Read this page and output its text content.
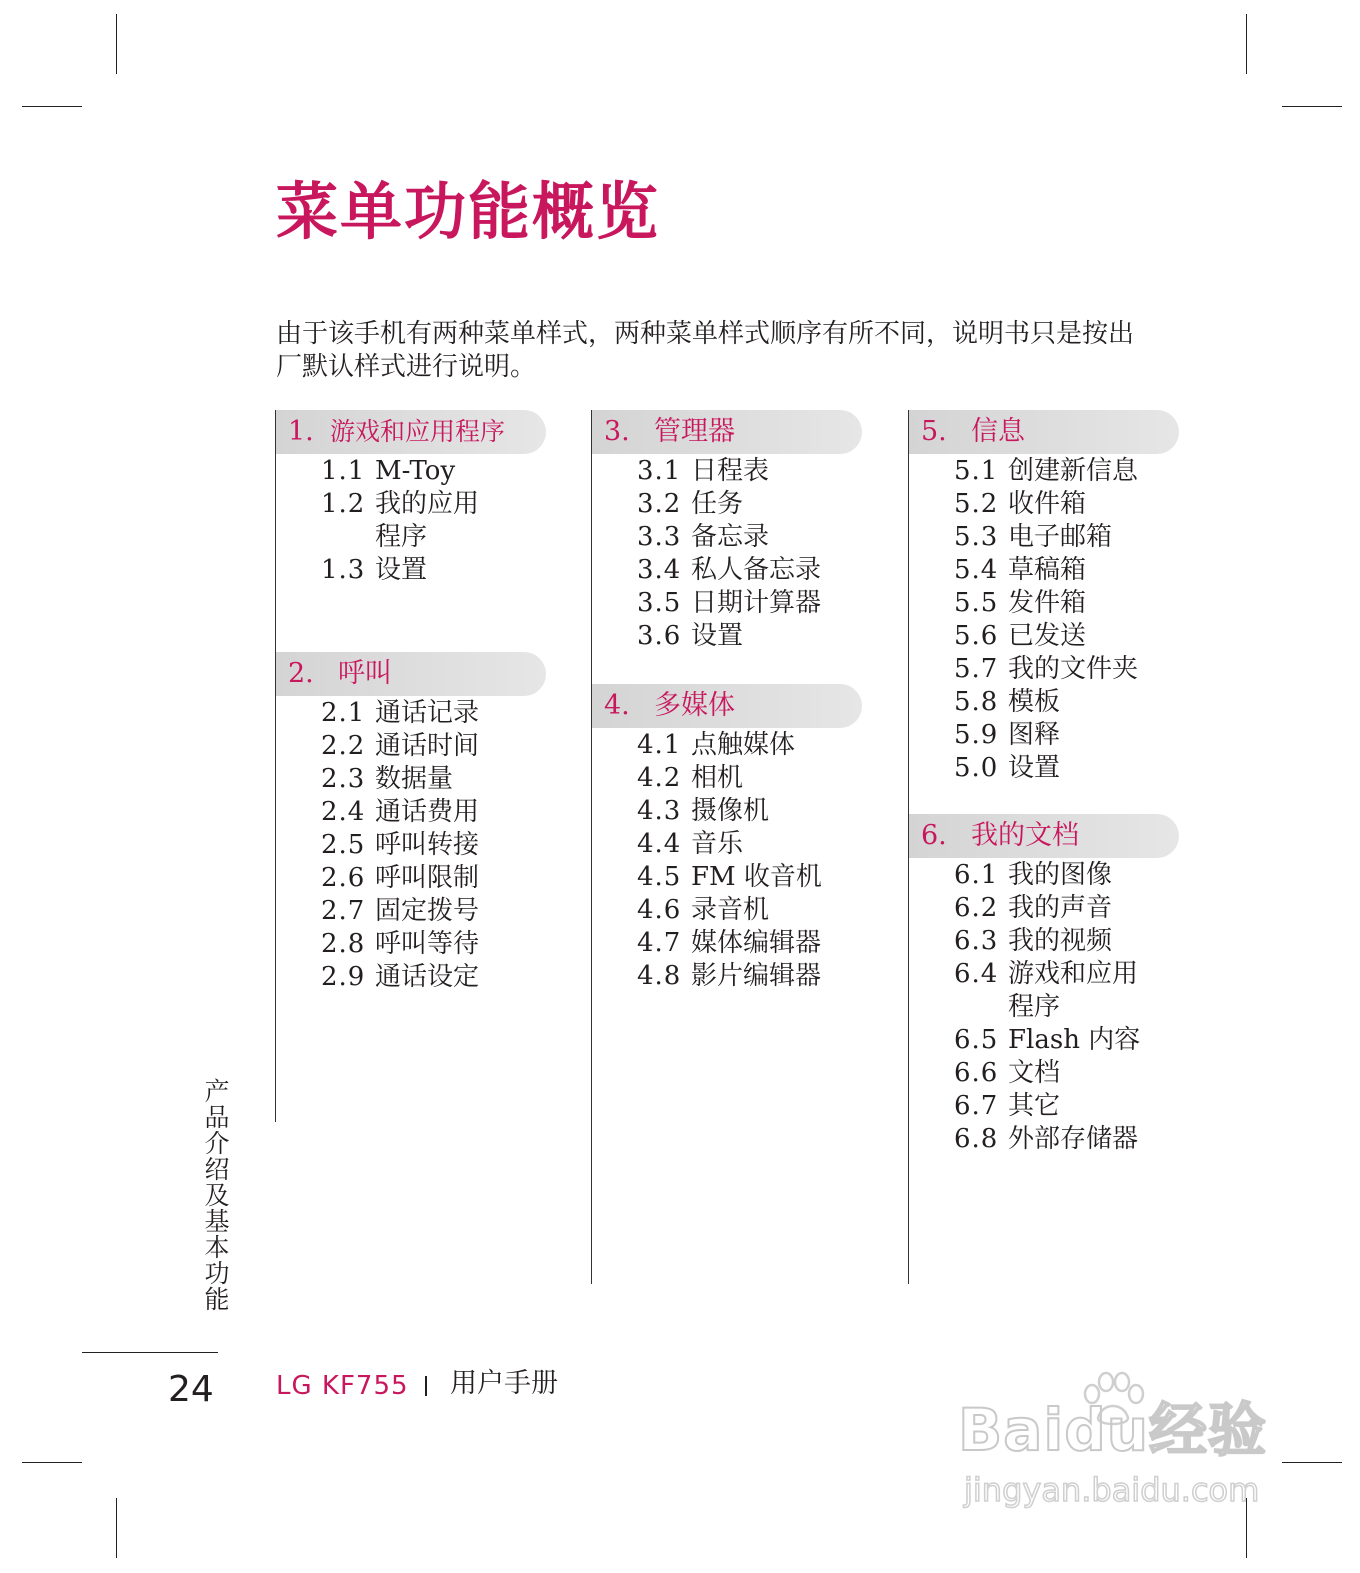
菜单功能概览

由于该手机有两种菜单样式，两种菜单样式顺序有所不同，说明书只是按出厂默认样式进行说明。

1. 游戏和应用程序
1.1 M-Toy
1.2 我的应用程序
1.3 设置
2. 呼叫
2.1 通话记录
2.2 通话时间
2.3 数据量
2.4 通话费用
2.5 呼叫转接
2.6 呼叫限制
2.7 固定拨号
2.8 呼叫等待
2.9 通话设定
3. 管理器
3.1 日程表
3.2 任务
3.3 备忘录
3.4 私人备忘录
3.5 日期计算器
3.6 设置
4. 多媒体
4.1 点触媒体
4.2 相机
4.3 摄像机
4.4 音乐
4.5 FM 收音机
4.6 录音机
4.7 媒体编辑器
4.8 影片编辑器
5. 信息
5.1 创建新信息
5.2 收件箱
5.3 电子邮箱
5.4 草稿箱
5.5 发件箱
5.6 已发送
5.7 我的文件夹
5.8 模板
5.9 图释
5.0 设置
6. 我的文档
6.1 我的图像
6.2 我的声音
6.3 我的视频
6.4 游戏和应用程序
6.5 Flash 内容
6.6 文档
6.7 其它
6.8 外部存储器
产品介绍及基本功能
24 LG KF755 用户手册
Baidu经验
jingyan.baidu.com
